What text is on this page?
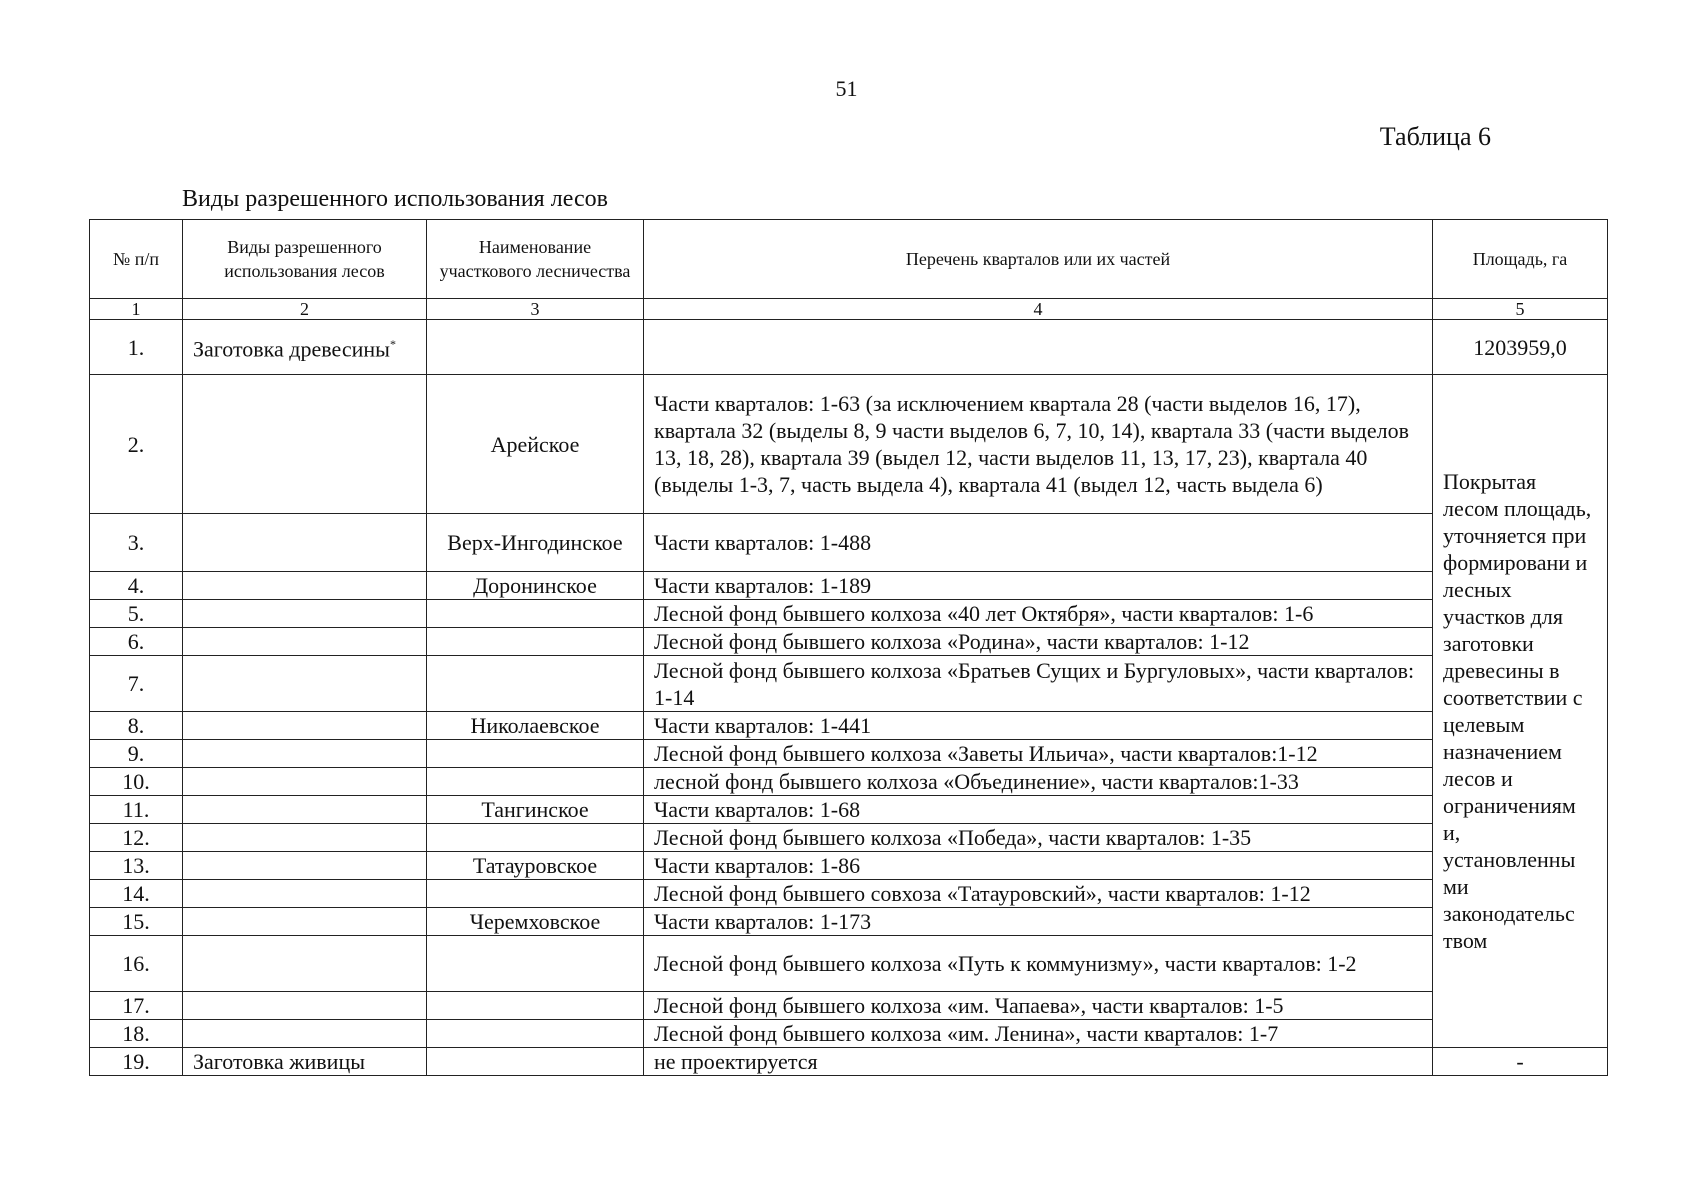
51
Таблица 6
Виды разрешенного использования лесов
№ п/п	Виды разрешенного использования лесов	Наименование участкового лесничества	Перечень кварталов или их частей	Площадь, га
1	2	3	4	5
1.	Заготовка древесины*			1203959,0
2.		Арейское	Части кварталов: 1-63 (за исключением квартала 28 (части выделов 16, 17), квартала 32 (выделы 8, 9 части выделов 6, 7, 10, 14), квартала 33 (части выделов 13, 18, 28), квартала 39 (выдел 12, части выделов 11, 13, 17, 23), квартала 40 (выделы 1-3, 7, часть выдела 4), квартала 41 (выдел 12, часть выдела 6)	Покрытая лесом площадь, уточняется при формировани и лесных участков для заготовки древесины в соответствии с целевым назначением лесов и ограничениям и, установленны ми законодательс твом
3.		Верх-Ингодинское	Части кварталов: 1-488	
4.		Доронинское	Части кварталов: 1-189	
5.			Лесной фонд бывшего колхоза «40 лет Октября», части кварталов: 1-6	
6.			Лесной фонд бывшего колхоза «Родина», части кварталов: 1-12	
7.			Лесной фонд бывшего колхоза «Братьев Сущих и Бургуловых», части кварталов: 1-14	
8.		Николаевское	Части кварталов: 1-441	
9.			Лесной фонд бывшего колхоза «Заветы Ильича», части кварталов:1-12	
10.			лесной фонд бывшего колхоза «Объединение», части кварталов:1-33	
11.		Тангинское	Части кварталов: 1-68	
12.			Лесной фонд бывшего колхоза «Победа», части кварталов: 1-35	
13.		Татауровское	Части кварталов: 1-86	
14.			Лесной фонд бывшего совхоза «Татауровский», части кварталов: 1-12	
15.		Черемховское	Части кварталов: 1-173	
16.			Лесной фонд бывшего колхоза «Путь к коммунизму», части кварталов: 1-2	
17.			Лесной фонд бывшего колхоза «им. Чапаева», части кварталов: 1-5	
18.			Лесной фонд бывшего колхоза «им. Ленина», части кварталов: 1-7	
19.	Заготовка живицы		не проектируется	-
